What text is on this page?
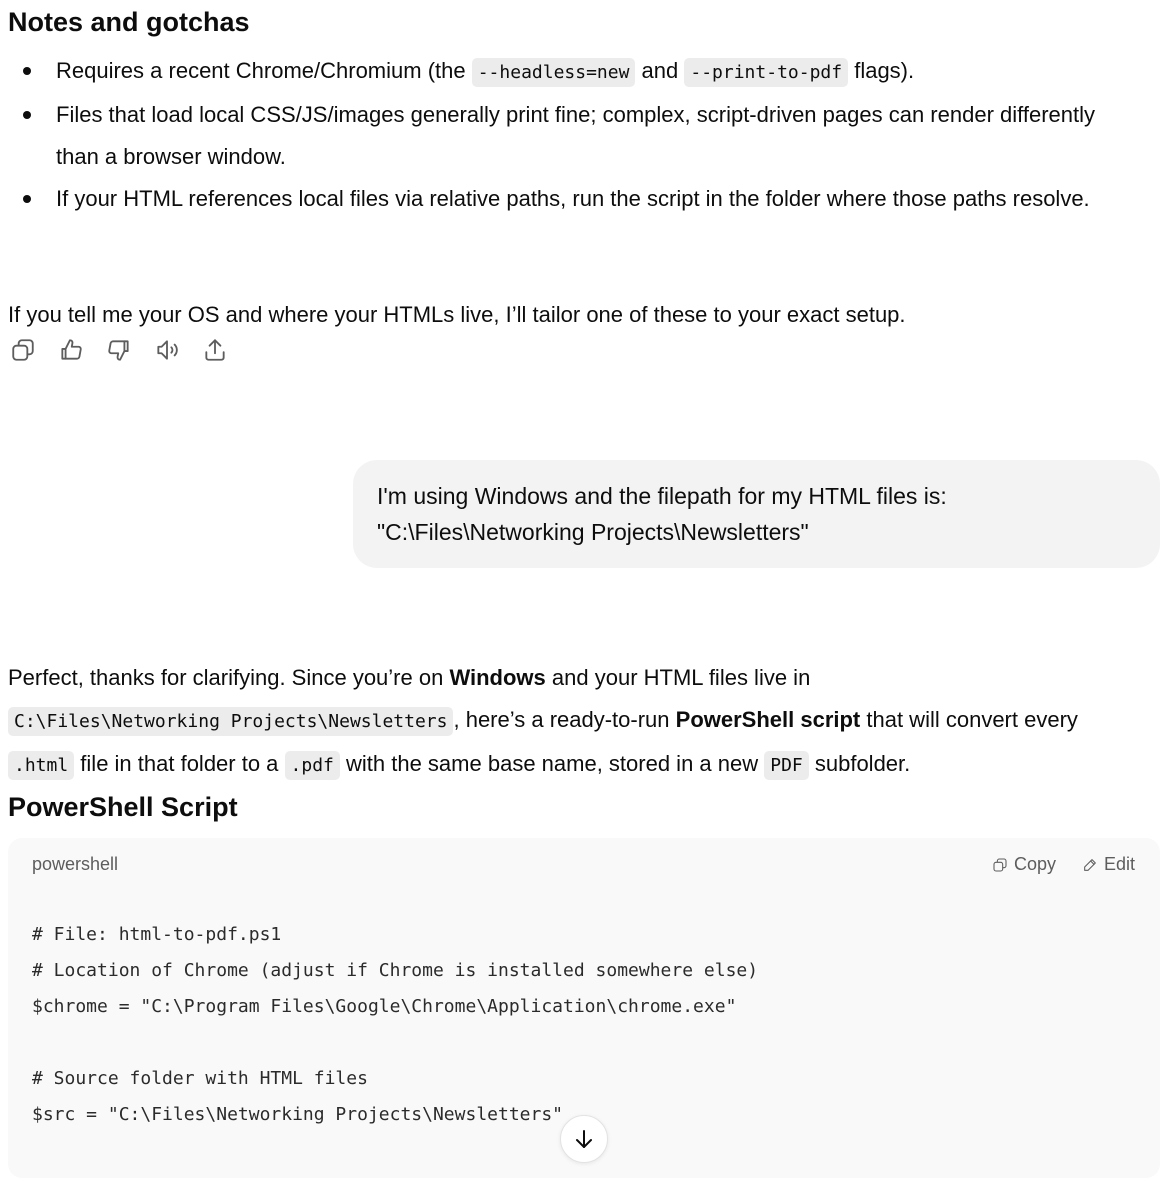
Notes and gotchas
Requires a recent Chrome/Chromium (the --headless=new and --print-to-pdf flags).
Files that load local CSS/JS/images generally print fine; complex, script-driven pages can render differently than a browser window.
If your HTML references local files via relative paths, run the script in the folder where those paths resolve.

If you tell me your OS and where your HTMLs live, I’ll tailor one of these to your exact setup.

I'm using Windows and the filepath for my HTML files is:
"C:\Files\Networking Projects\Newsletters"

Perfect, thanks for clarifying. Since you’re on Windows and your HTML files live in
C:\Files\Networking Projects\Newsletters , here’s a ready-to-run PowerShell script that will convert every
.html file in that folder to a .pdf with the same base name, stored in a new PDF subfolder.

PowerShell Script
powershell	Copy	Edit
# File: html-to-pdf.ps1
# Location of Chrome (adjust if Chrome is installed somewhere else)
$chrome = "C:\Program Files\Google\Chrome\Application\chrome.exe"
# Source folder with HTML files
$src = "C:\Files\Networking Projects\Newsletters"
